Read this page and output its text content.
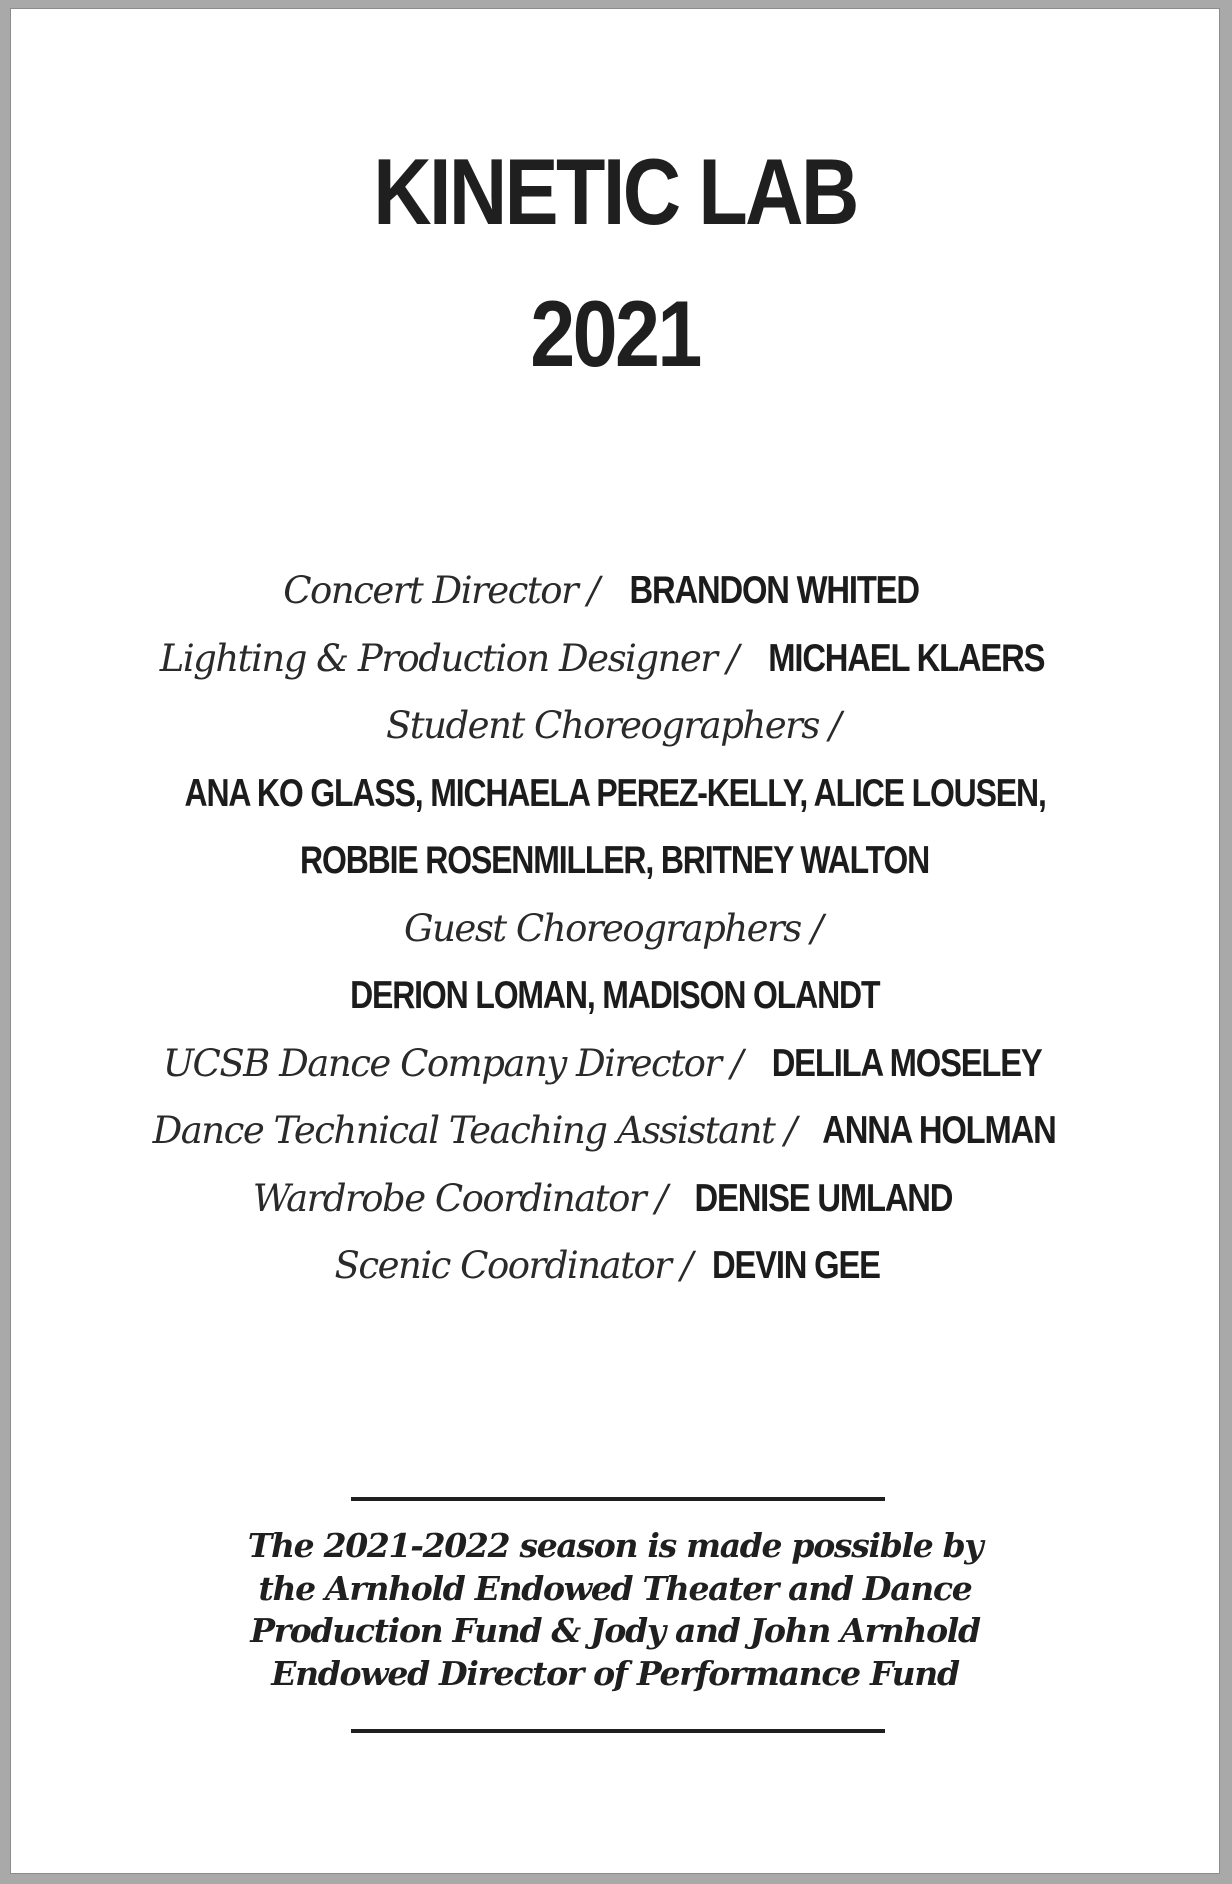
KINETIC LAB
2021
Concert Director / BRANDON WHITED
Lighting & Production Designer / MICHAEL KLAERS
Student Choreographers /
ANA KO GLASS, MICHAELA PEREZ-KELLY, ALICE LOUSEN,
ROBBIE ROSENMILLER, BRITNEY WALTON
Guest Choreographers /
DERION LOMAN, MADISON OLANDT
UCSB Dance Company Director / DELILA MOSELEY
Dance Technical Teaching Assistant / ANNA HOLMAN
Wardrobe Coordinator / DENISE UMLAND
Scenic Coordinator / DEVIN GEE
The 2021-2022 season is made possible by
the Arnhold Endowed Theater and Dance
Production Fund & Jody and John Arnhold
Endowed Director of Performance Fund
